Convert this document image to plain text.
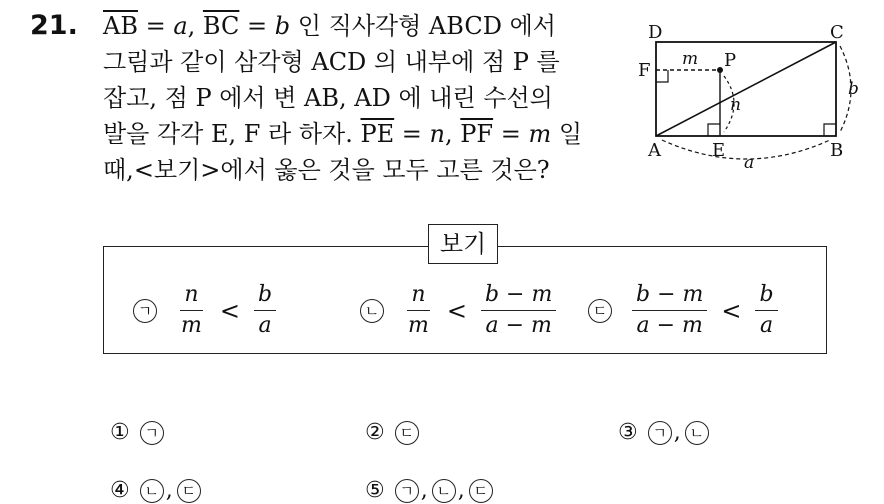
21. $\overline{AB} = a$, $\overline{BC} = b$ 인 직사각형 ABCD 에서
그림과 같이 삼각형 ACD 의 내부에 점 P 를
잡고, 점 P 에서 변 AB, AD 에 내린 수선의
발을 각각 E, F 라 하자. $\overline{PE} = n$, $\overline{PF} = m$ 일
때,<보기>에서 옳은 것을 모두 고른 것은?
D	C
F	P
A	E	B
m
n
a
b
보기
ㄱ $\frac{n}{m} < \frac{b}{a}$	ㄴ $\frac{n}{m} < \frac{b - m}{a - m}$	ㄷ $\frac{b - m}{a - m} < \frac{b}{a}$
① ㄱ	② ㄷ	③ ㄱ , ㄴ
④ ㄴ , ㄷ	⑤ ㄱ , ㄴ , ㄷ
